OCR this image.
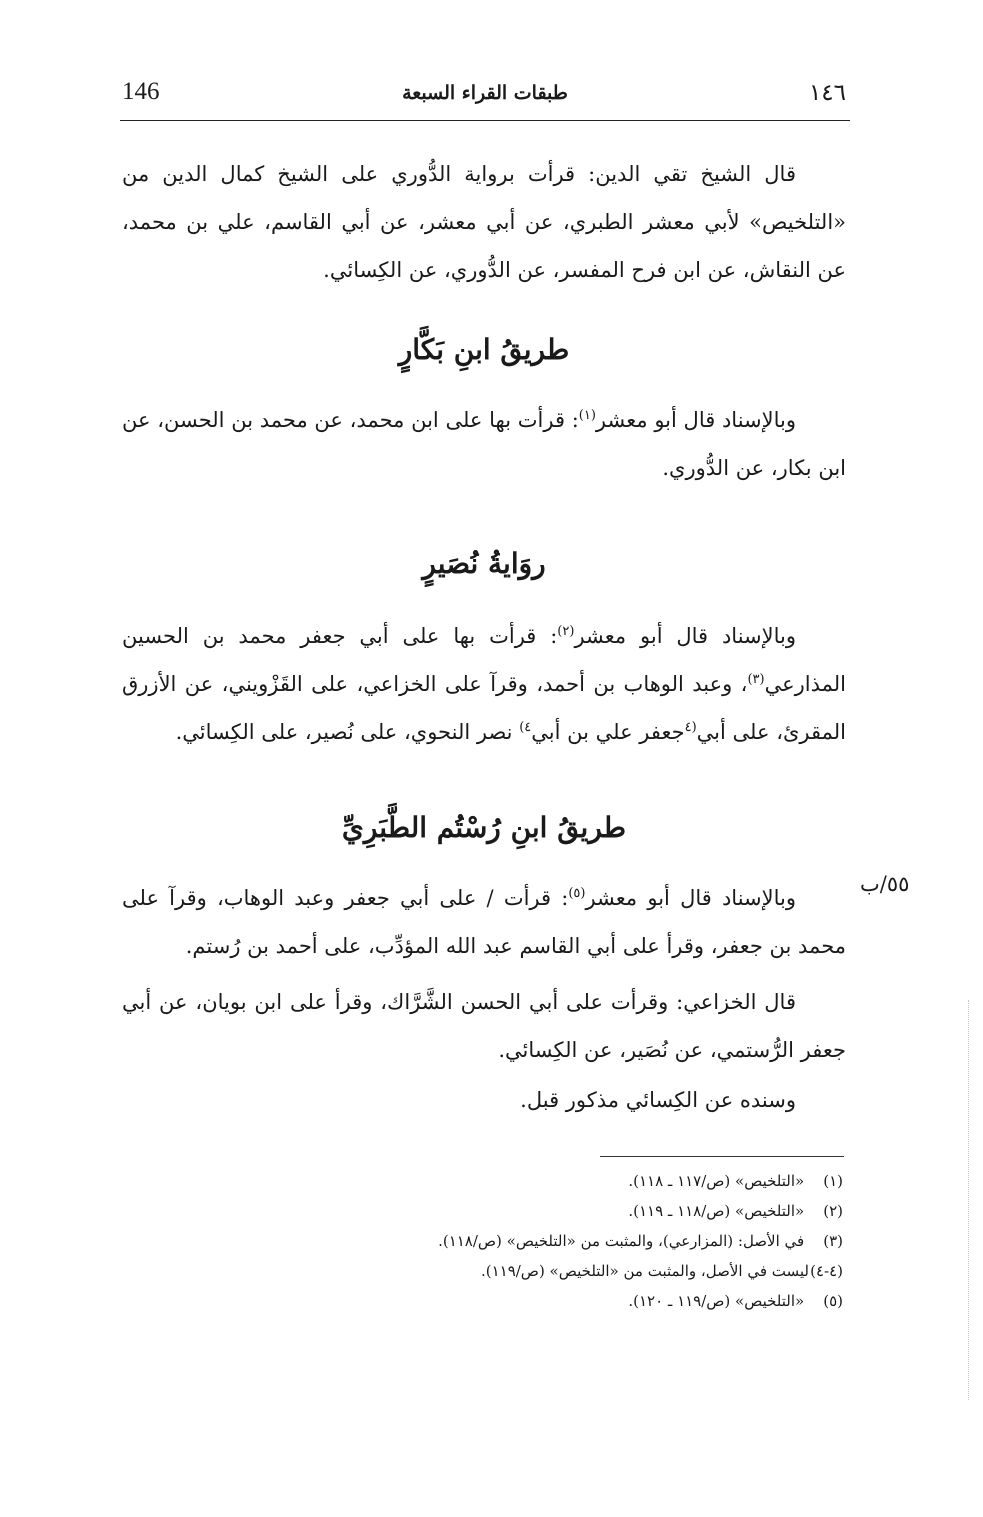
146	طبقات القراء السبعة	١٤٦
٥٥/ب

قال الشيخ تقي الدين: قرأت برواية الدُّوري على الشيخ كمال الدين من «التلخيص» لأبي معشر الطبري، عن أبي معشر، عن أبي القاسم، علي بن محمد، عن النقاش، عن ابن فرح المفسر، عن الدُّوري، عن الكِسائي.

طريقُ ابنِ بَكَّارٍ

وبالإسناد قال أبو معشر$^{(١)}$: قرأت بها على ابن محمد، عن محمد بن الحسن، عن ابن بكار، عن الدُّوري.

روَايةُ نُصَيرٍ

وبالإسناد قال أبو معشر$^{(٢)}$: قرأت بها على أبي جعفر محمد بن الحسين المذارعي$^{(٣)}$، وعبد الوهاب بن أحمد، وقرآ على الخزاعي، على القَزْويني، عن الأزرق المقرئ، على أبي$^{(٤}$جعفر علي بن أبي$^{٤)}$ نصر النحوي، على نُصير، على الكِسائي.

طريقُ ابنِ رُسْتُم الطَّبَرِيِّ

وبالإسناد قال أبو معشر$^{(٥)}$: قرأت / على أبي جعفر وعبد الوهاب، وقرآ على محمد بن جعفر، وقرأ على أبي القاسم عبد الله المؤدِّب، على أحمد بن رُستم.

قال الخزاعي: وقرأت على أبي الحسن الشَّرَّاك، وقرأ على ابن بويان، عن أبي جعفر الرُّستمي، عن نُصَير، عن الكِسائي.

وسنده عن الكِسائي مذكور قبل.

(١) «التلخيص» (ص/١١٧ ـ ١١٨).
(٢) «التلخيص» (ص/١١٨ ـ ١١٩).
(٣) في الأصل: (المزارعي)، والمثبت من «التلخيص» (ص/١١٨).
(٤-٤)ليست في الأصل، والمثبت من «التلخيص» (ص/١١٩).
(٥) «التلخيص» (ص/١١٩ ـ ١٢٠).
